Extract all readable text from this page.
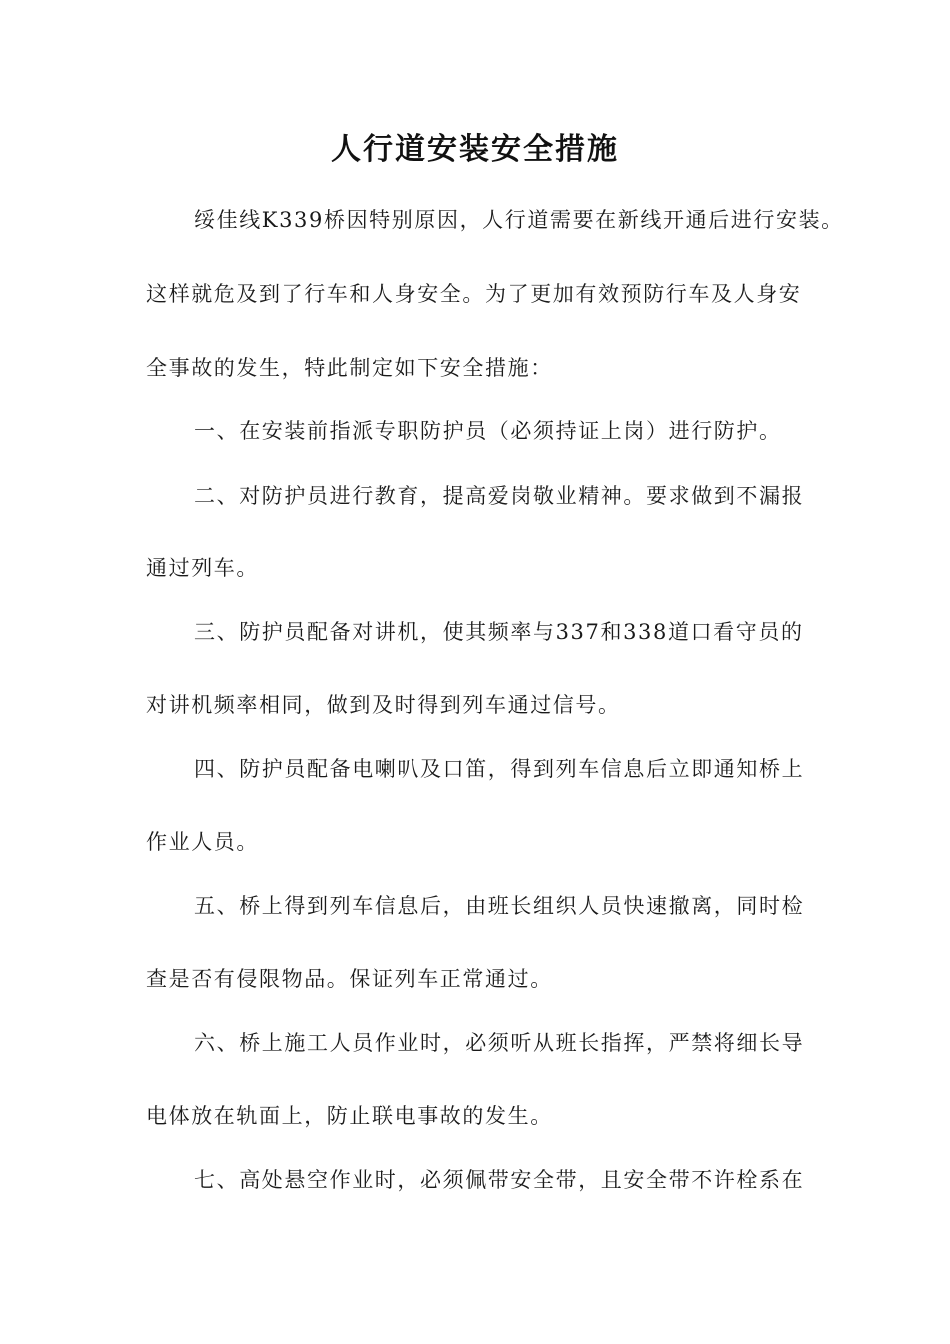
人行道安装安全措施
绥佳线K339桥因特别原因，人行道需要在新线开通后进行安装。
这样就危及到了行车和人身安全。为了更加有效预防行车及人身安
全事故的发生，特此制定如下安全措施：
一、在安装前指派专职防护员（必须持证上岗）进行防护。
二、对防护员进行教育，提高爱岗敬业精神。要求做到不漏报
通过列车。
三、防护员配备对讲机，使其频率与337和338道口看守员的
对讲机频率相同，做到及时得到列车通过信号。
四、防护员配备电喇叭及口笛，得到列车信息后立即通知桥上
作业人员。
五、桥上得到列车信息后，由班长组织人员快速撤离，同时检
查是否有侵限物品。保证列车正常通过。
六、桥上施工人员作业时，必须听从班长指挥，严禁将细长导
电体放在轨面上，防止联电事故的发生。
七、高处悬空作业时，必须佩带安全带，且安全带不许栓系在
